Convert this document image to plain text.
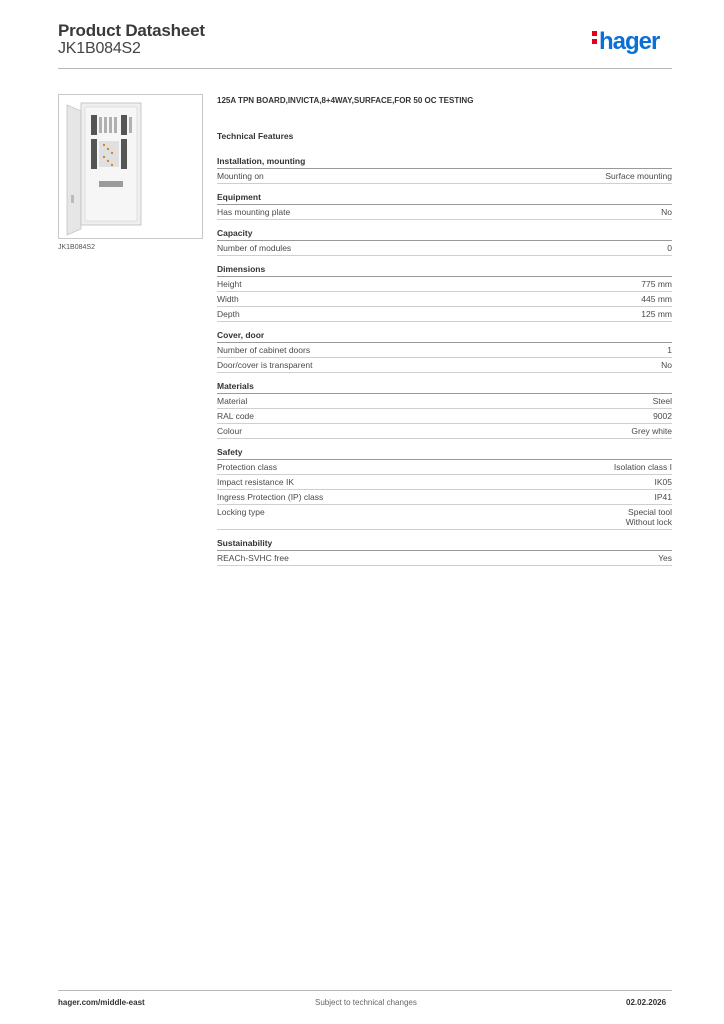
Product Datasheet
JK1B084S2	hager
JK1B084S2
125A TPN BOARD,INVICTA,8+4WAY,SURFACE,FOR 50 OC TESTING
Technical Features
Installation, mounting
Mounting on	Surface mounting
Equipment
Has mounting plate	No
Capacity
Number of modules	0
Dimensions
Height	775 mm
Width	445 mm
Depth	125 mm
Cover, door
Number of cabinet doors	1
Door/cover is transparent	No
Materials
Material	Steel
RAL code	9002
Colour	Grey white
Safety
Protection class	Isolation class I
Impact resistance IK	IK05
Ingress Protection (IP) class	IP41
Locking type	Special tool
Without lock
Sustainability
REACh-SVHC free	Yes
hager.com/middle-east	Subject to technical changes	02.02.2026
